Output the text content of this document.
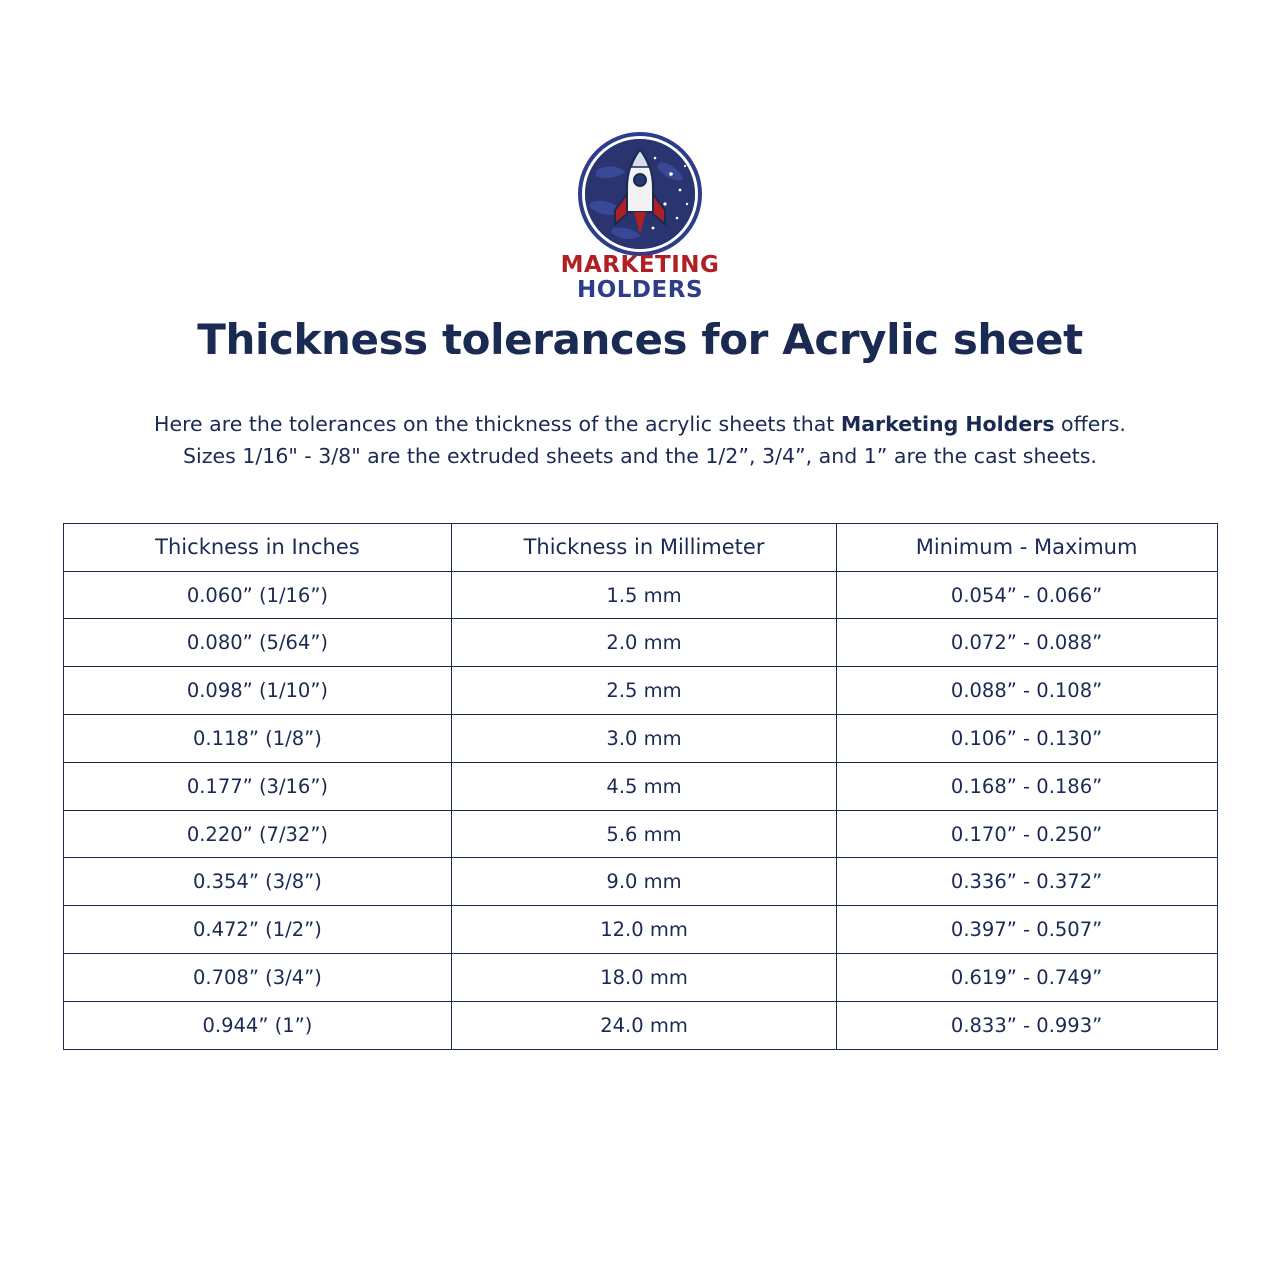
MARKETING
HOLDERS
Thickness tolerances for Acrylic sheet
Here are the tolerances on the thickness of the acrylic sheets that Marketing Holders offers.
Sizes 1/16" - 3/8" are the extruded sheets and the 1/2”, 3/4”, and 1” are the cast sheets.
Thickness in Inches	Thickness in Millimeter	Minimum - Maximum
0.060” (1/16”)	1.5 mm	0.054” - 0.066”
0.080” (5/64”)	2.0 mm	0.072” - 0.088”
0.098” (1/10”)	2.5 mm	0.088” - 0.108”
0.118” (1/8”)	3.0 mm	0.106” - 0.130”
0.177” (3/16”)	4.5 mm	0.168” - 0.186”
0.220” (7/32”)	5.6 mm	0.170” - 0.250”
0.354” (3/8”)	9.0 mm	0.336” - 0.372”
0.472” (1/2”)	12.0 mm	0.397” - 0.507”
0.708” (3/4”)	18.0 mm	0.619” - 0.749”
0.944” (1”)	24.0 mm	0.833” - 0.993”
